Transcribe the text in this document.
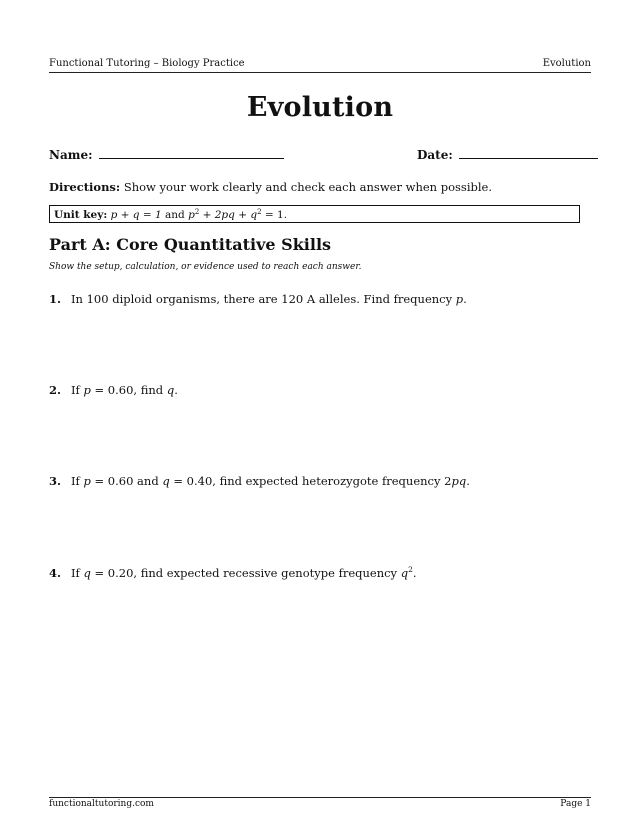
Functional Tutoring – Biology Practice	Evolution
Evolution
Name:	Date:
Directions: Show your work clearly and check each answer when possible.
Unit key: p + q = 1 and $p^2 + 2pq + q^2 = 1$.
Part A: Core Quantitative Skills
Show the setup, calculation, or evidence used to reach each answer.
1. In 100 diploid organisms, there are 120 A alleles. Find frequency p.
2. If p = 0.60, find q.
3. If p = 0.60 and q = 0.40, find expected heterozygote frequency 2pq.
4. If q = 0.20, find expected recessive genotype frequency $q^2$.
functionaltutoring.com	Page 1
